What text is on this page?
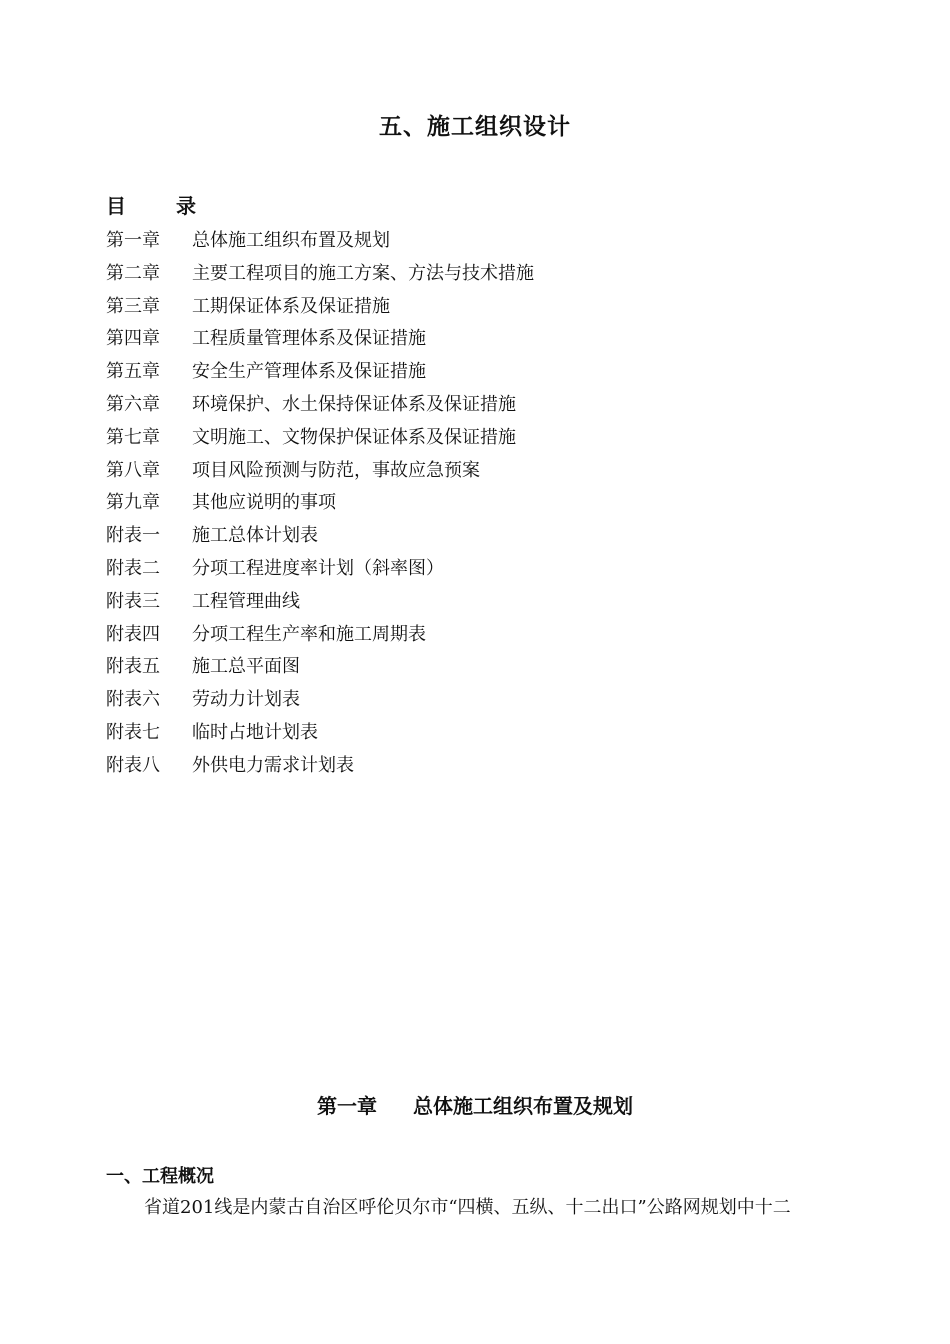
五、施工组织设计
目	录
第一章 总体施工组织布置及规划
第二章 主要工程项目的施工方案、方法与技术措施
第三章 工期保证体系及保证措施
第四章 工程质量管理体系及保证措施
第五章 安全生产管理体系及保证措施
第六章 环境保护、水土保持保证体系及保证措施
第七章 文明施工、文物保护保证体系及保证措施
第八章 项目风险预测与防范，事故应急预案
第九章 其他应说明的事项
附表一 施工总体计划表
附表二 分项工程进度率计划（斜率图）
附表三 工程管理曲线
附表四 分项工程生产率和施工周期表
附表五 施工总平面图
附表六 劳动力计划表
附表七 临时占地计划表
附表八 外供电力需求计划表
第一章 总体施工组织布置及规划
一、工程概况
省道201线是内蒙古自治区呼伦贝尔市“四横、五纵、十二出口”公路网规划中十二
